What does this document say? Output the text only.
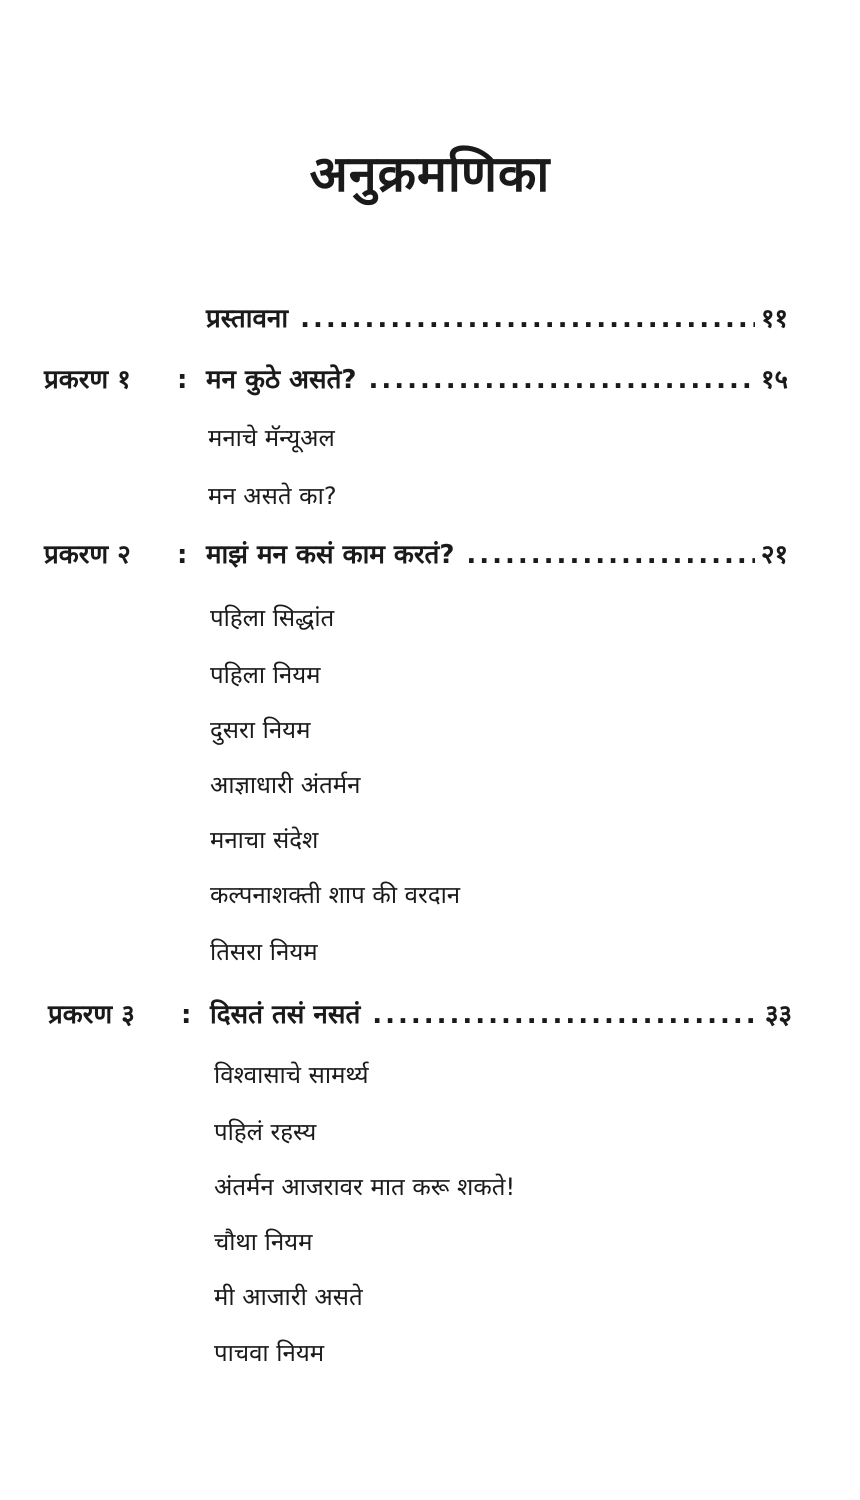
अनुक्रमणिका
प्रस्तावना .....	११
प्रकरण १ : मन कुठे असते? .....	१५
मनाचे मॅन्यूअल
मन असते का?
प्रकरण २ : माझं मन कसं काम करतं? .....	२१
पहिला सिद्धांत
पहिला नियम
दुसरा नियम
आज्ञाधारी अंतर्मन
मनाचा संदेश
कल्पनाशक्ती शाप की वरदान
तिसरा नियम
प्रकरण ३ : दिसतं तसं नसतं .....	३३
विश्वासाचे सामर्थ्य
पहिलं रहस्य
अंतर्मन आजरावर मात करू शकते!
चौथा नियम
मी आजारी असते
पाचवा नियम
